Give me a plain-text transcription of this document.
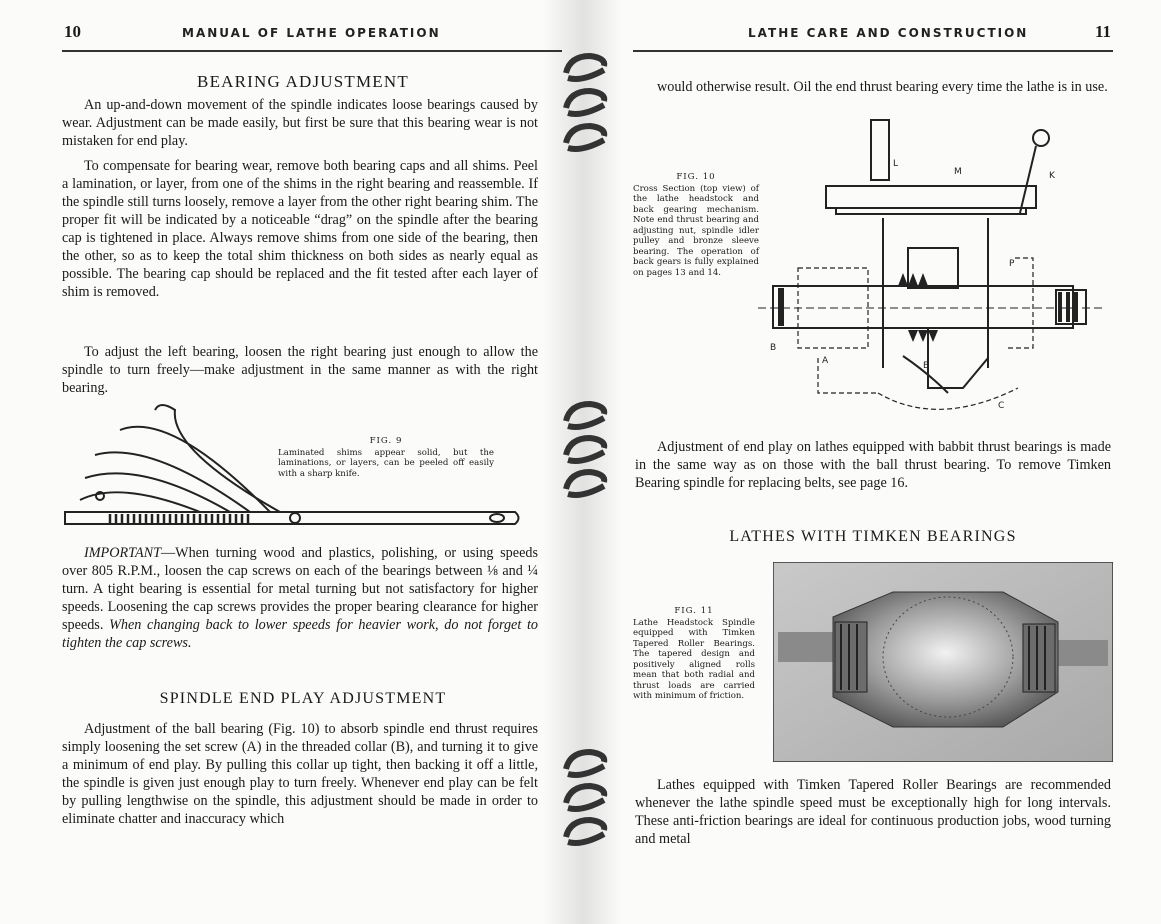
10	MANUAL OF LATHE OPERATION
BEARING ADJUSTMENT

An up-and-down movement of the spindle indicates loose bearings caused by wear. Adjustment can be made easily, but first be sure that this bearing wear is not mistaken for end play.

To compensate for bearing wear, remove both bearing caps and all shims. Peel a lamination, or layer, from one of the shims in the right bearing and reassemble. If the spindle still turns loosely, remove a layer from the other right bearing shim. The proper fit will be indicated by a noticeable “drag” on the spindle after the bearing cap is tightened in place. Always remove shims from one side of the bearing, then the other, so as to keep the total shim thickness on both sides as nearly equal as possible. The bearing cap should be replaced and the fit tested after each layer of shim is removed.

To adjust the left bearing, loosen the right bearing just enough to allow the spindle to turn freely—make adjustment in the same manner as with the right bearing.

FIG. 9
Laminated shims appear solid, but the laminations, or layers, can be peeled off easily with a sharp knife.

IMPORTANT—When turning wood and plastics, polishing, or using speeds over 805 R.P.M., loosen the cap screws on each of the bearings between ⅛ and ¼ turn. A tight bearing is essential for metal turning but not satisfactory for higher speeds. Loosening the cap screws provides the proper bearing clearance for higher speeds. When changing back to lower speeds for heavier work, do not forget to tighten the cap screws.

SPINDLE END PLAY ADJUSTMENT

Adjustment of the ball bearing (Fig. 10) to absorb spindle end thrust requires simply loosening the set screw (A) in the threaded collar (B), and turning it to give a minimum of end play. By pulling this collar up tight, then backing it off a little, the spindle is given just enough play to turn freely. Whenever end play can be felt by pulling lengthwise on the spindle, this adjustment should be made in order to eliminate chatter and inaccuracy which

LATHE CARE AND CONSTRUCTION	11

would otherwise result. Oil the end thrust bearing every time the lathe is in use.

FIG. 10
Cross Section (top view) of the lathe headstock and back gearing mechanism. Note end thrust bearing and adjusting nut, spindle idler pulley and bronze sleeve bearing. The operation of back gears is fully explained on pages 13 and 14.
L
M	K
P
B
E
A
C

Adjustment of end play on lathes equipped with babbit thrust bearings is made in the same way as on those with the ball thrust bearing. To remove Timken Bearing spindle for replacing belts, see page 16.

LATHES WITH TIMKEN BEARINGS
FIG. 11
Lathe Headstock Spindle equipped with Timken Tapered Roller Bearings. The tapered design and positively aligned rolls mean that both radial and thrust loads are carried with minimum of friction.

Lathes equipped with Timken Tapered Roller Bearings are recommended whenever the lathe spindle speed must be exceptionally high for long intervals. These anti-friction bearings are ideal for continuous production jobs, wood turning and metal
